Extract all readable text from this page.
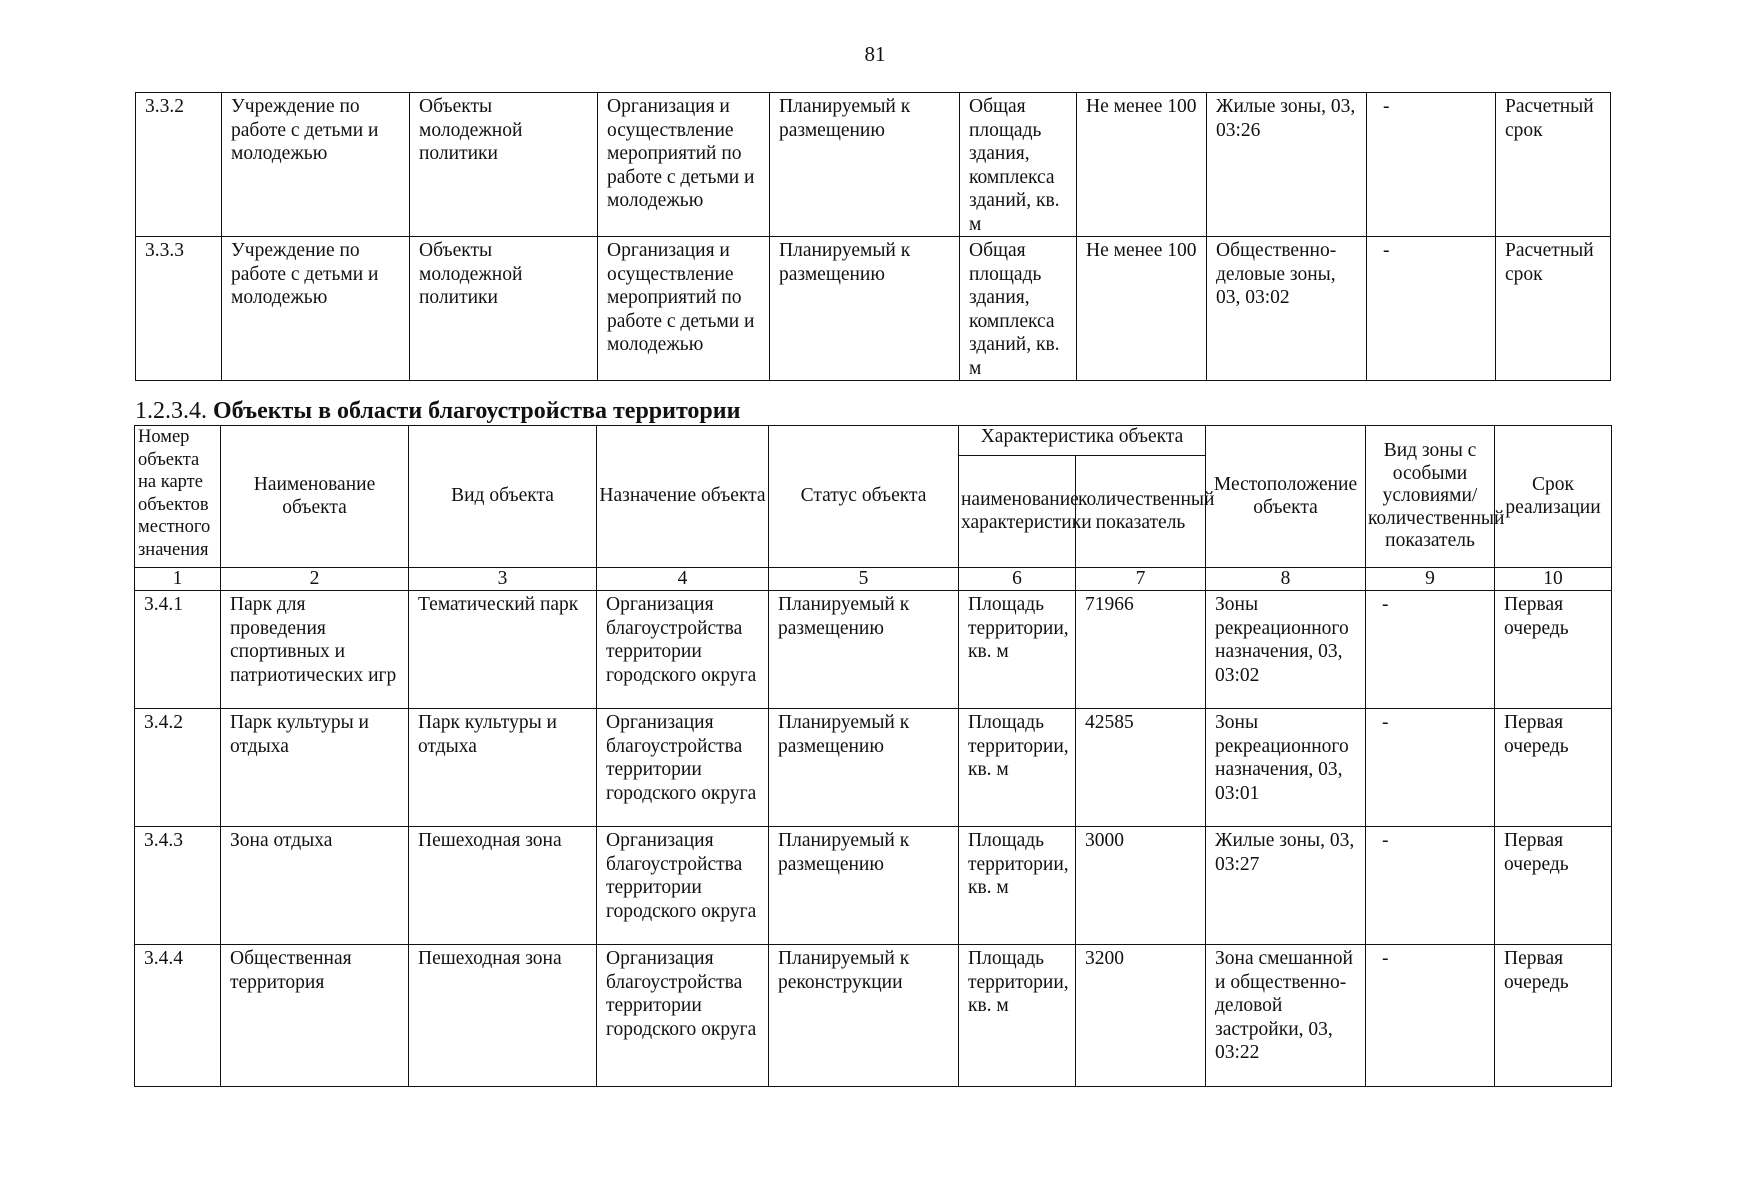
81
3.3.2	Учреждение по работе с детьми и молодежью	Объекты молодежной политики	Организация и осуществление мероприятий по работе с детьми и молодежью	Планируемый к размещению	Общая площадь здания, комплекса зданий, кв. м	Не менее 100	Жилые зоны, 03, 03:26	-	Расчетный срок
3.3.3	Учреждение по работе с детьми и молодежью	Объекты молодежной политики	Организация и осуществление мероприятий по работе с детьми и молодежью	Планируемый к размещению	Общая площадь здания, комплекса зданий, кв. м	Не менее 100	Общественно-деловые зоны, 03, 03:02	-	Расчетный срок
1.2.3.4. Объекты в области благоустройства территории
Номер объекта на карте объектов местного значения	Наименование объекта	Вид объекта	Назначение объекта	Статус объекта	Характеристика объекта		Местоположение объекта	Вид зоны с особыми условиями/ количественный показатель	Срок реализации
					наименование характеристики	количественный показатель			
1	2	3	4	5	6	7	8	9	10
3.4.1	Парк для проведения спортивных и патриотических игр	Тематический парк	Организация благоустройства территории городского округа	Планируемый к размещению	Площадь территории, кв. м	71966	Зоны рекреационного назначения, 03, 03:02	-	Первая очередь
3.4.2	Парк культуры и отдыха	Парк культуры и отдыха	Организация благоустройства территории городского округа	Планируемый к размещению	Площадь территории, кв. м	42585	Зоны рекреационного назначения, 03, 03:01	-	Первая очередь
3.4.3	Зона отдыха	Пешеходная зона	Организация благоустройства территории городского округа	Планируемый к размещению	Площадь территории, кв. м	3000	Жилые зоны, 03, 03:27	-	Первая очередь
3.4.4	Общественная территория	Пешеходная зона	Организация благоустройства территории городского округа	Планируемый к реконструкции	Площадь территории, кв. м	3200	Зона смешанной и общественно-деловой застройки, 03, 03:22	-	Первая очередь
